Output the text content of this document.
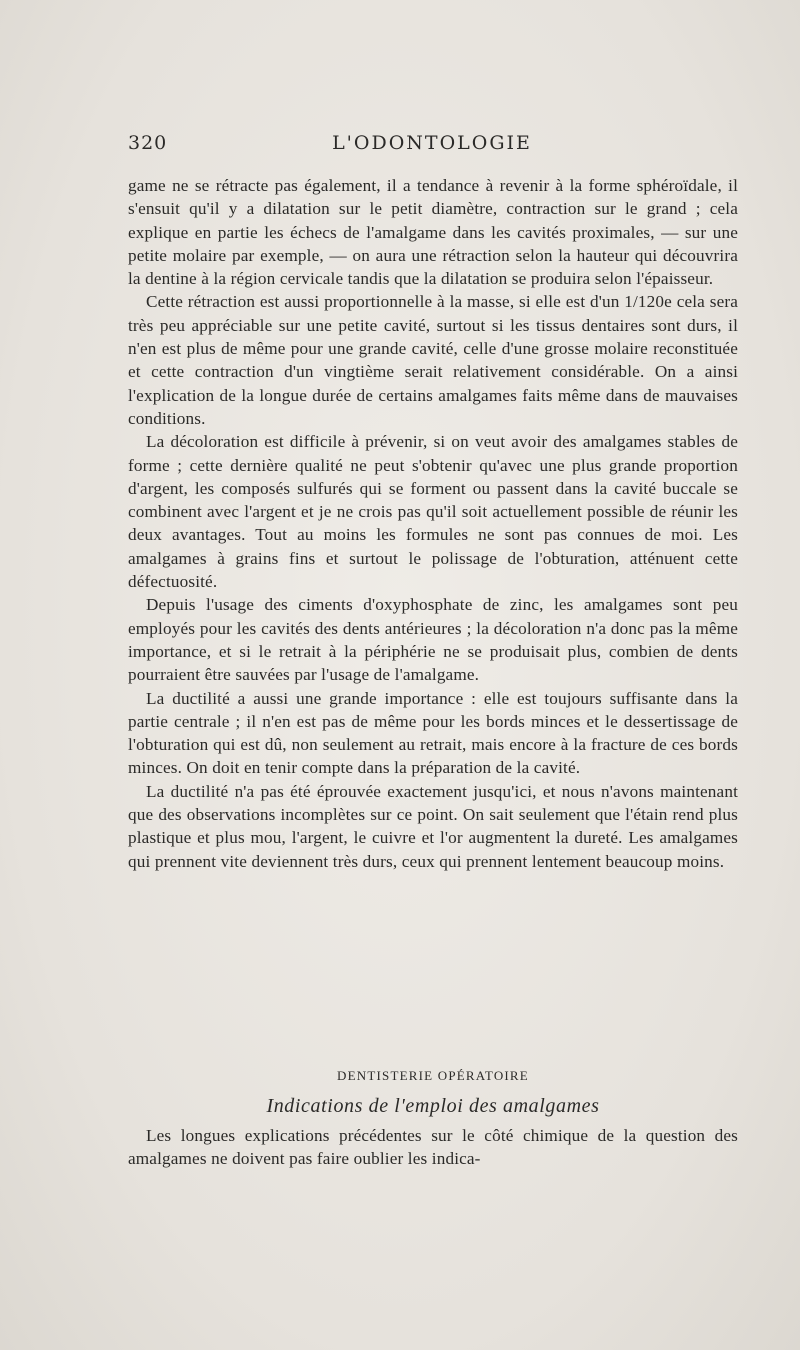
320	L'ODONTOLOGIE

game ne se rétracte pas également, il a tendance à revenir à la forme sphéroïdale, il s'ensuit qu'il y a dilatation sur le petit diamètre, contraction sur le grand ; cela explique en partie les échecs de l'amalgame dans les cavités proximales, — sur une petite molaire par exemple, — on aura une rétraction selon la hauteur qui découvrira la dentine à la région cervicale tandis que la dilatation se produira selon l'épaisseur.

Cette rétraction est aussi proportionnelle à la masse, si elle est d'un 1/120e cela sera très peu appréciable sur une petite cavité, surtout si les tissus dentaires sont durs, il n'en est plus de même pour une grande cavité, celle d'une grosse molaire reconstituée et cette contraction d'un vingtième serait relativement considérable. On a ainsi l'explication de la longue durée de certains amalgames faits même dans de mauvaises conditions.

La décoloration est difficile à prévenir, si on veut avoir des amalgames stables de forme ; cette dernière qualité ne peut s'obtenir qu'avec une plus grande proportion d'argent, les composés sulfurés qui se forment ou passent dans la cavité buccale se combinent avec l'argent et je ne crois pas qu'il soit actuellement possible de réunir les deux avantages. Tout au moins les formules ne sont pas connues de moi. Les amalgames à grains fins et surtout le polissage de l'obturation, atténuent cette défectuosité.

Depuis l'usage des ciments d'oxyphosphate de zinc, les amalgames sont peu employés pour les cavités des dents antérieures ; la décoloration n'a donc pas la même importance, et si le retrait à la périphérie ne se produisait plus, combien de dents pourraient être sauvées par l'usage de l'amalgame.

La ductilité a aussi une grande importance : elle est toujours suffisante dans la partie centrale ; il n'en est pas de même pour les bords minces et le dessertissage de l'obturation qui est dû, non seulement au retrait, mais encore à la fracture de ces bords minces. On doit en tenir compte dans la préparation de la cavité.

La ductilité n'a pas été éprouvée exactement jusqu'ici, et nous n'avons maintenant que des observations incomplètes sur ce point. On sait seulement que l'étain rend plus plastique et plus mou, l'argent, le cuivre et l'or augmentent la dureté. Les amalgames qui prennent vite deviennent très durs, ceux qui prennent lentement beaucoup moins.

DENTISTERIE OPÉRATOIRE
Indications de l'emploi des amalgames

Les longues explications précédentes sur le côté chimique de la question des amalgames ne doivent pas faire oublier les indica-
